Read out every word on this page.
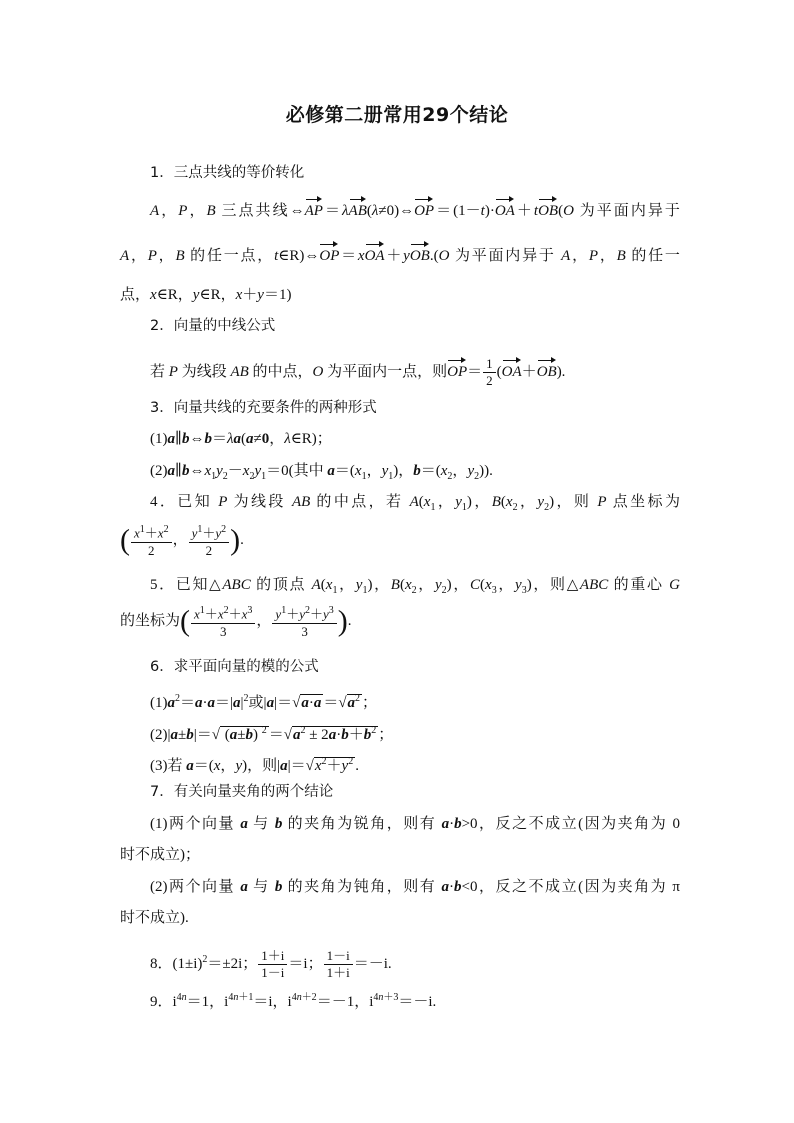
必修第二册常用29个结论
1．三点共线的等价转化
A，P，B 三点共线⇔AP＝λAB(λ≠0)⇔OP＝(1－t)·OA＋tOB(O 为平面内异于
A，P，B 的任一点，t∈R)⇔OP＝xOA＋yOB.(O 为平面内异于 A，P，B 的任一
点，x∈R，y∈R，x＋y＝1)
2．向量的中线公式
若 P 为线段 AB 的中点，O 为平面内一点，则$OP= \frac{1}{2} (OA+OB)$.
3．向量共线的充要条件的两种形式
(1)a∥b⇔b＝λa(a≠0，λ∈R)；
$(2)a\parallel b\Leftrightarrow x_1y_2-x_2y_1=0$(其中 $a=(x_1$，$y_1$)，$b=(x_2$，$y_2$)).
4．已知 P 为线段 AB 的中点，若 $A(x_1$，$y_1$)，$B(x_2$，$y_2$)，则 P 点坐标为
( $\frac{x^1+x^2}{2}$ ， $\frac{y^1+y^2}{2}$ ).
5．已知△ABC 的顶点 $A(x_1$，$y_1$)，$B(x_2$，$y_2$)，$C(x_3$，$y_3$)，则△ABC 的重心 G
的坐标为( $\frac{x^1+x^2+x^3}{3}$ ， $\frac{y^1+y^2+y^3}{3}$ ).
6．求平面向量的模的公式
$(1)a^2=a\cdot a=|a|^2$或$|a|=√a\cdot a =√a^2$ ；
(2)|a±b|＝√ (a±b) $^2 =√a^2 \pm 2a\cdot b+b^2$ ；
(3)若 a＝(x，y)，则$|a|=√x^2+y^2$ .
7．有关向量夹角的两个结论
(1)两个向量 a 与 b 的夹角为锐角，则有 a·b>0，反之不成立(因为夹角为 0
时不成立)；
(2)两个向量 a 与 b 的夹角为钝角，则有 a·b<0，反之不成立(因为夹角为 π
时不成立).
8．$(1\pm i)^2=\pm 2i$； $\frac{1+i}{1-i} =i$； $\frac{1-i}{1+i} =-i$.
9．$i^{4n}=1$，$i^{4n+1}=i$，$i^{4n+2}=-1$，$i^{4n+3}=-i$.
